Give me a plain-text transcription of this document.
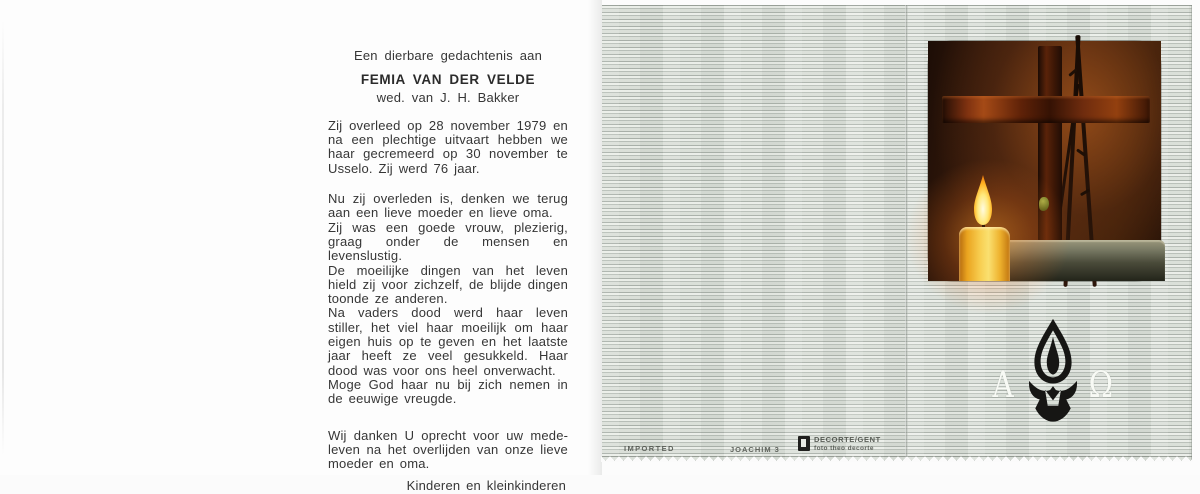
Een dierbare gedachtenis aan

FEMIA VAN DER VELDE

wed. van J. H. Bakker

Zij overleed op 28 november 1979 en na een plechtige uitvaart hebben we haar gecremeerd op 30 november te Usselo. Zij werd 76 jaar.

Nu zij overleden is, denken we terug aan een lieve moeder en lieve oma.

Zij was een goede vrouw, plezierig, graag onder de mensen en levenslustig.

De moeilijke dingen van het leven hield zij voor zichzelf, de blijde dingen toonde ze anderen.

Na vaders dood werd haar leven stiller, het viel haar moeilijk om haar eigen huis op te geven en het laatste jaar heeft ze veel gesukkeld. Haar dood was voor ons heel onverwacht.

Moge God haar nu bij zich nemen in de eeuwige vreugde.

Wij danken U oprecht voor uw medeleven na het overlijden van onze lieve moeder en oma.

Kinderen en kleinkinderen

Α Ω
IMPORTED	JOACHIM 3
DECORTE/GENT
foto theo decorte
